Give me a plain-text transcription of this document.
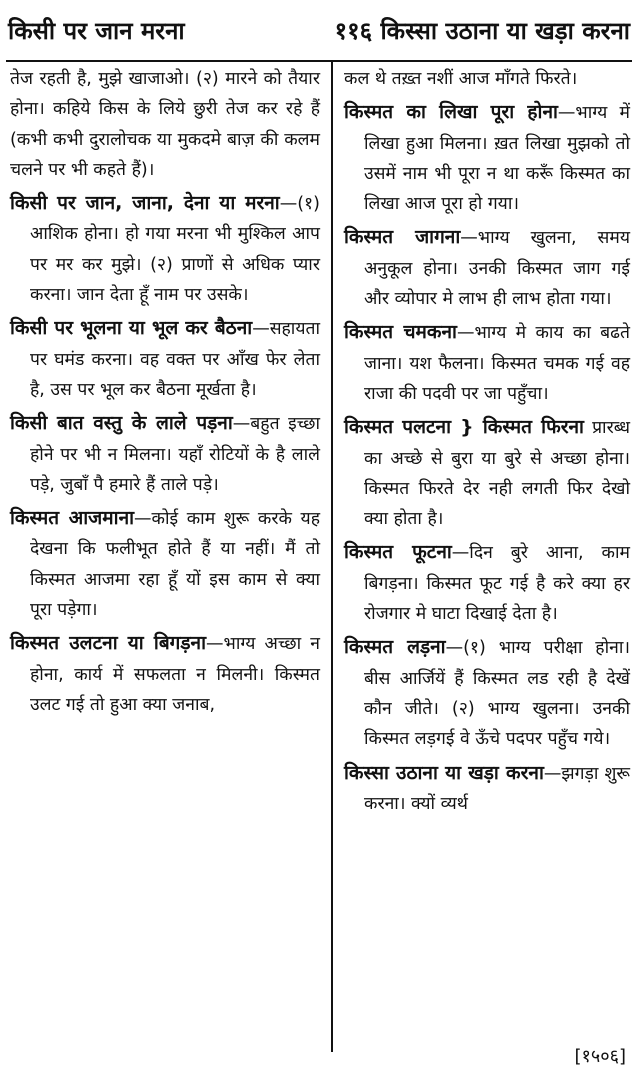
किसी पर जान मरना	११६ किस्सा उठाना या खड़ा करना

तेज रहती है, मुझे खाजाओ। (२) मारने को तैयार होना। कहिये किस के लिये छुरी तेज कर रहे हैं (कभी कभी दुरालोचक या मुकदमे बाज़ की कलम चलने पर भी कहते हैं)।

किसी पर जान, जाना, देना या मरना—(१) आशिक होना। हो गया मरना भी मुश्किल आप पर मर कर मुझे। (२) प्राणों से अधिक प्यार करना। जान देता हूँ नाम पर उसके।

किसी पर भूलना या भूल कर बैठना—सहायता पर घमंड करना। वह वक्त पर आँख फेर लेता है, उस पर भूल कर बैठना मूर्खता है।

किसी बात वस्तु के लाले पड़ना—बहुत इच्छा होने पर भी न मिलना। यहाँ रोटियों के है लाले पड़े, जुबाँ पै हमारे हैं ताले पड़े।

किस्मत आजमाना—कोई काम शुरू करके यह देखना कि फलीभूत होते हैं या नहीं। मैं तो किस्मत आजमा रहा हूँ यों इस काम से क्या पूरा पड़ेगा।

किस्मत उलटना या बिगड़ना—भाग्य अच्छा न होना, कार्य में सफलता न मिलनी। किस्मत उलट गई तो हुआ क्या जनाब,

कल थे तख़्त नशीं आज माँगते फिरते।

किस्मत का लिखा पूरा होना—भाग्य में लिखा हुआ मिलना। ख़त लिखा मुझको तो उसमें नाम भी पूरा न था करूँ किस्मत का लिखा आज पूरा हो गया।

किस्मत जागना—भाग्य खुलना, समय अनुकूल होना। उनकी किस्मत जाग गई और व्योपार मे लाभ ही लाभ होता गया।

किस्मत चमकना—भाग्य मे काय का बढते जाना। यश फैलना। किस्मत चमक गई वह राजा की पदवी पर जा पहुँचा।

किस्मत पलटना } किस्मत फिरना प्रारब्ध का अच्छे से बुरा या बुरे से अच्छा होना। किस्मत फिरते देर नही लगती फिर देखो क्या होता है।

किस्मत फूटना—दिन बुरे आना, काम बिगड़ना। किस्मत फूट गई है करे क्या हर रोजगार मे घाटा दिखाई देता है।

किस्मत लड़ना—(१) भाग्य परीक्षा होना। बीस आर्जियें हैं किस्मत लड रही है देखें कौन जीते। (२) भाग्य खुलना। उनकी किस्मत लड़गई वे ऊँचे पदपर पहुँच गये।

किस्सा उठाना या खड़ा करना—झगड़ा शुरू करना। क्यों व्यर्थ

[१५०६]
